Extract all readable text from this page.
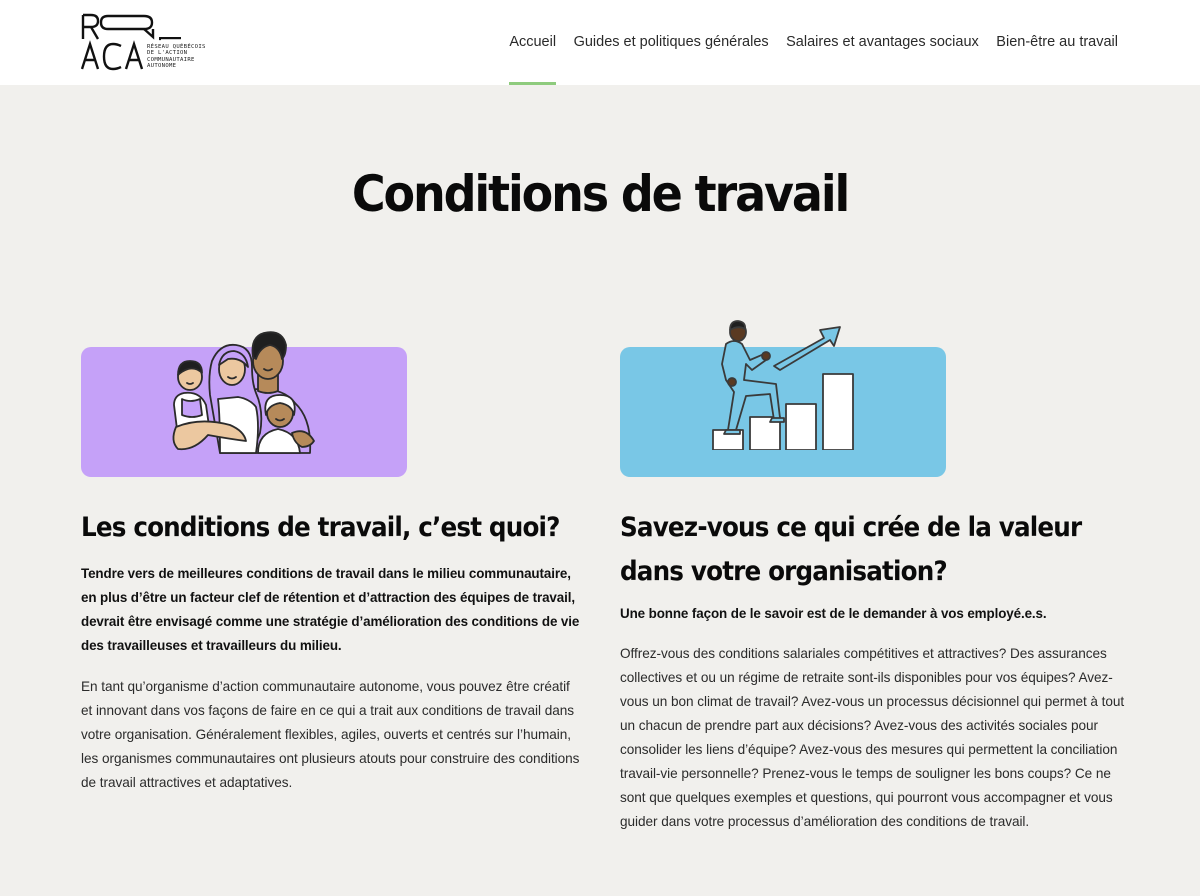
RÉSEAU QUÉBÉCOIS
DE L'ACTION
COMMUNAUTAIRE
AUTONOME
Accueil Guides et politiques générales Salaires et avantages sociaux Bien-être au travail
Conditions de travail
Les conditions de travail, c’est quoi?

Tendre vers de meilleures conditions de travail dans le milieu communautaire, en plus d’être un facteur clef de rétention et d’attraction des équipes de travail, devrait être envisagé comme une stratégie d’amélioration des conditions de vie des travailleuses et travailleurs du milieu.

En tant qu’organisme d’action communautaire autonome, vous pouvez être créatif et innovant dans vos façons de faire en ce qui a trait aux conditions de travail dans votre organisation. Généralement flexibles, agiles, ouverts et centrés sur l’humain, les organismes communautaires ont plusieurs atouts pour construire des conditions de travail attractives et adaptatives.

Savez-vous ce qui crée de la valeur
dans votre organisation?

Une bonne façon de le savoir est de le demander à vos employé.e.s.

Offrez-vous des conditions salariales compétitives et attractives? Des assurances collectives et ou un régime de retraite sont-ils disponibles pour vos équipes? Avez-vous un bon climat de travail? Avez-vous un processus décisionnel qui permet à tout un chacun de prendre part aux décisions? Avez-vous des activités sociales pour consolider les liens d’équipe? Avez-vous des mesures qui permettent la conciliation travail-vie personnelle? Prenez-vous le temps de souligner les bons coups? Ce ne sont que quelques exemples et questions, qui pourront vous accompagner et vous guider dans votre processus d’amélioration des conditions de travail.
